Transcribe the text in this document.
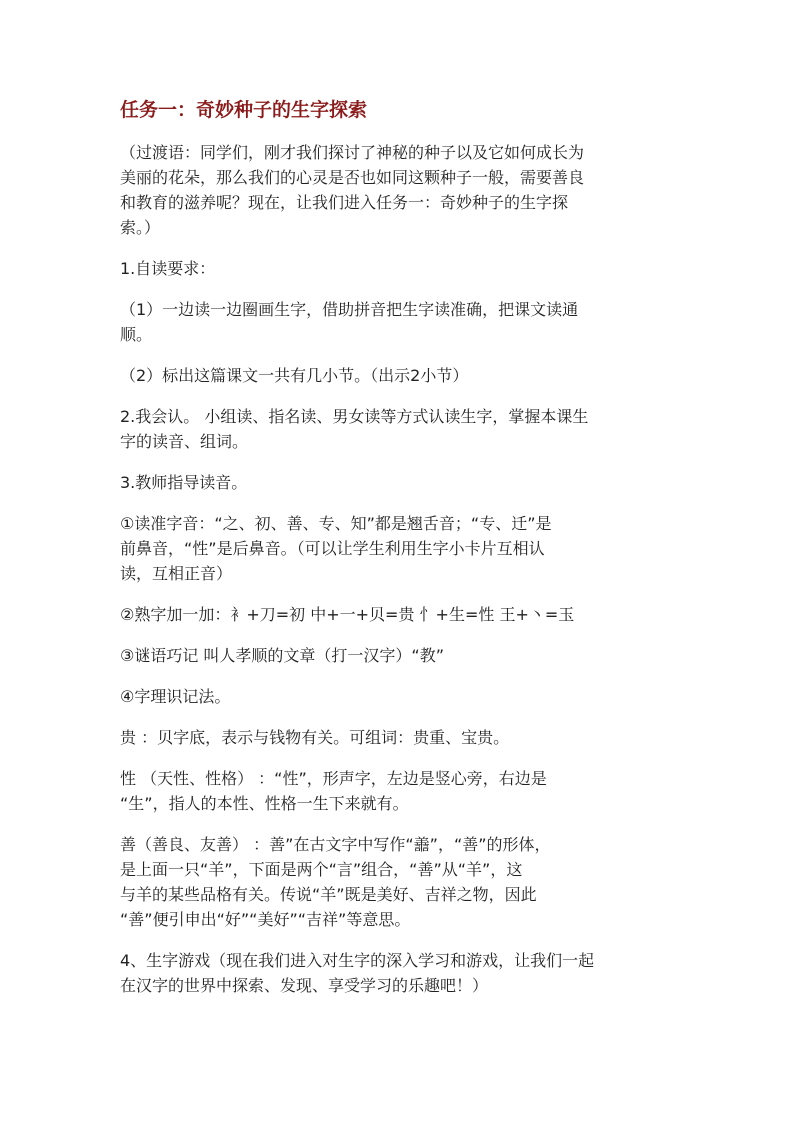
任务一：奇妙种子的生字探索

（过渡语：同学们，刚才我们探讨了神秘的种子以及它如何成长为
美丽的花朵，那么我们的心灵是否也如同这颗种子一般，需要善良
和教育的滋养呢？现在，让我们进入任务一：奇妙种子的生字探
索。）

1.自读要求：

（1）一边读一边圈画生字，借助拼音把生字读准确，把课文读通
顺。

（2）标出这篇课文一共有几小节。（出示2小节）

2.我会认。 小组读、指名读、男女读等方式认读生字，掌握本课生
字的读音、组词。

3.教师指导读音。

①读准字音：“之、初、善、专、知”都是翘舌音；“专、迁”是
前鼻音，“性”是后鼻音。（可以让学生利用生字小卡片互相认
读，互相正音）

②熟字加一加：衤+刀=初 中+一+贝=贵 忄+生=性 王+丶=玉

③谜语巧记 叫人孝顺的文章（打一汉字）“教”

④字理识记法。

贵 ：贝字底，表示与钱物有关。可组词：贵重、宝贵。

性 （天性、性格） ：“性”，形声字，左边是竖心旁，右边是
“生”，指人的本性、性格一生下来就有。

善（善良、友善） ：善”在古文字中写作“譱”，“善”的形体，
是上面一只“羊”，下面是两个“言”组合，“善”从“羊”，这
与羊的某些品格有关。传说“羊”既是美好、吉祥之物，因此
“善”便引申出“好”“美好”“吉祥”等意思。

4、生字游戏（现在我们进入对生字的深入学习和游戏，让我们一起
在汉字的世界中探索、发现、享受学习的乐趣吧！）
